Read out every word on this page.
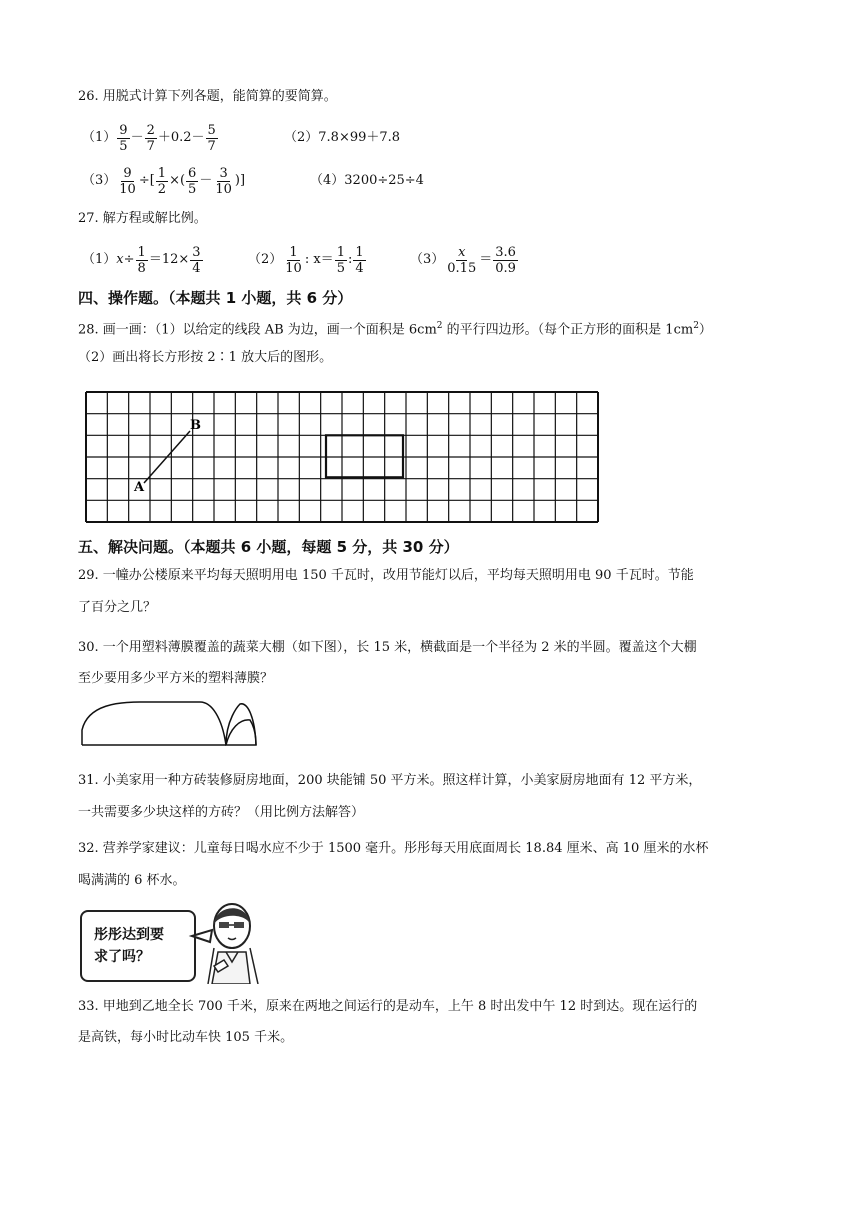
26. 用脱式计算下列各题，能简算的要简算。
$(1) \frac{9}{5} - \frac{2}{7} +0.2- \frac{5}{7}$	（2）7.8×99＋7.8
$(3) \frac{9}{10}$ ÷[ $\frac{1}{2}$ ×( $\frac{6}{5} - \frac{3}{10}$ )]	（4）3200÷25÷4
27. 解方程或解比例。
（1） $x \div \frac{1}{8} =12\times \frac{3}{4}$	$(2) \frac{1}{10}$ : $x= \frac{1}{5}$ : $\frac{1}{4}$	$(3) \frac{x}{0.15} = \frac{3.6}{0.9}$
四、操作题。（本题共 1 小题，共 6 分）
28. 画一画：（1）以给定的线段 AB 为边，画一个面积是 $6cm^2$ 的平行四边形。（每个正方形的面积是 $1cm^2$）
（2）画出将长方形按 2∶1 放大后的图形。
B
A
五、解决问题。（本题共 6 小题，每题 5 分，共 30 分）
29. 一幢办公楼原来平均每天照明用电 150 千瓦时，改用节能灯以后，平均每天照明用电 90 千瓦时。节能
了百分之几？
30. 一个用塑料薄膜覆盖的蔬菜大棚（如下图），长 15 米，横截面是一个半径为 2 米的半圆。覆盖这个大棚
至少要用多少平方米的塑料薄膜？
31. 小美家用一种方砖装修厨房地面，200 块能铺 50 平方米。照这样计算，小美家厨房地面有 12 平方米，
一共需要多少块这样的方砖？（用比例方法解答）
32. 营养学家建议：儿童每日喝水应不少于 1500 毫升。彤彤每天用底面周长 18.84 厘米、高 10 厘米的水杯
喝满满的 6 杯水。
彤彤达到要
求了吗？
33. 甲地到乙地全长 700 千米，原来在两地之间运行的是动车，上午 8 时出发中午 12 时到达。现在运行的
是高铁，每小时比动车快 105 千米。
